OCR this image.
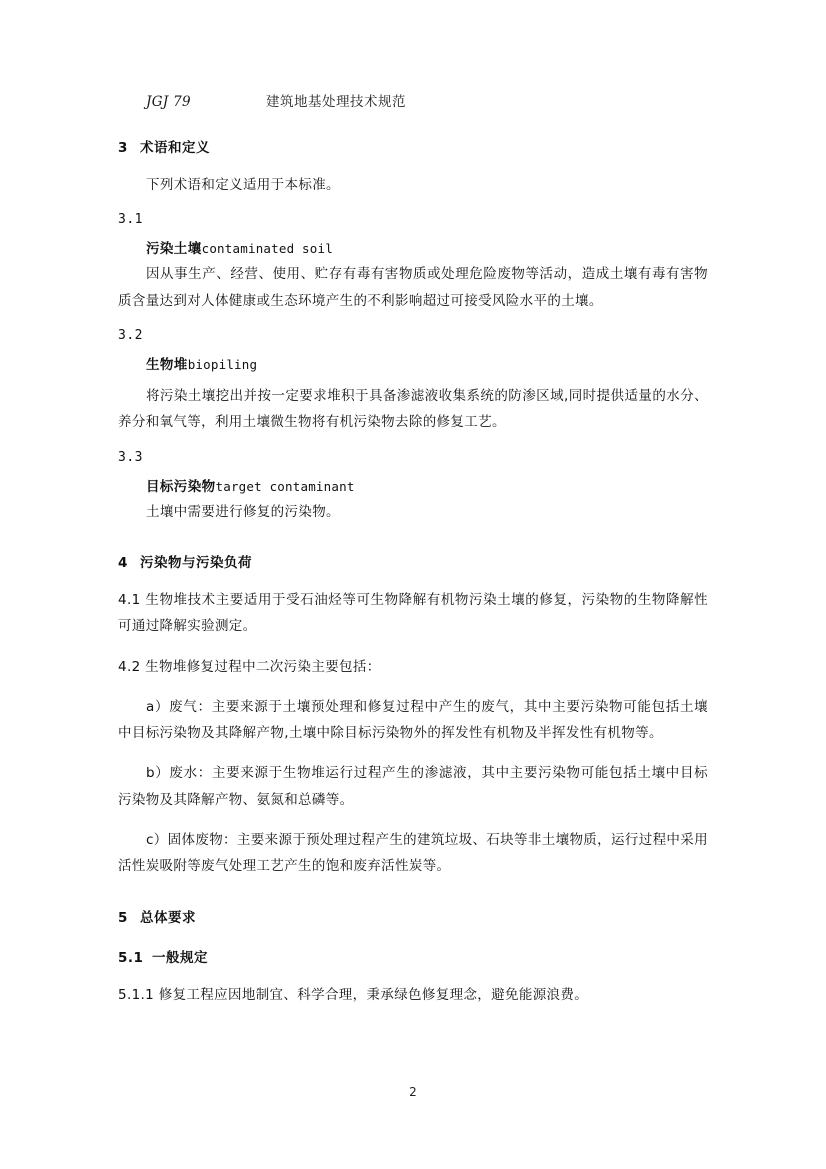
JGJ 79	建筑地基处理技术规范
3 术语和定义

下列术语和定义适用于本标准。

3.1

污染土壤contaminated soil

因从事生产、经营、使用、贮存有毒有害物质或处理危险废物等活动，造成土壤有毒有害物质含量达到对人体健康或生态环境产生的不利影响超过可接受风险水平的土壤。

3.2

生物堆biopiling

将污染土壤挖出并按一定要求堆积于具备渗滤液收集系统的防渗区域,同时提供适量的水分、养分和氧气等，利用土壤微生物将有机污染物去除的修复工艺。

3.3

目标污染物target contaminant

土壤中需要进行修复的污染物。

4 污染物与污染负荷

4.1 生物堆技术主要适用于受石油烃等可生物降解有机物污染土壤的修复，污染物的生物降解性可通过降解实验测定。

4.2 生物堆修复过程中二次污染主要包括：

a）废气：主要来源于土壤预处理和修复过程中产生的废气，其中主要污染物可能包括土壤中目标污染物及其降解产物,土壤中除目标污染物外的挥发性有机物及半挥发性有机物等。

b）废水：主要来源于生物堆运行过程产生的渗滤液，其中主要污染物可能包括土壤中目标污染物及其降解产物、氨氮和总磷等。

c）固体废物：主要来源于预处理过程产生的建筑垃圾、石块等非土壤物质，运行过程中采用活性炭吸附等废气处理工艺产生的饱和废弃活性炭等。

5 总体要求
5.1 一般规定

5.1.1 修复工程应因地制宜、科学合理，秉承绿色修复理念，避免能源浪费。

2
